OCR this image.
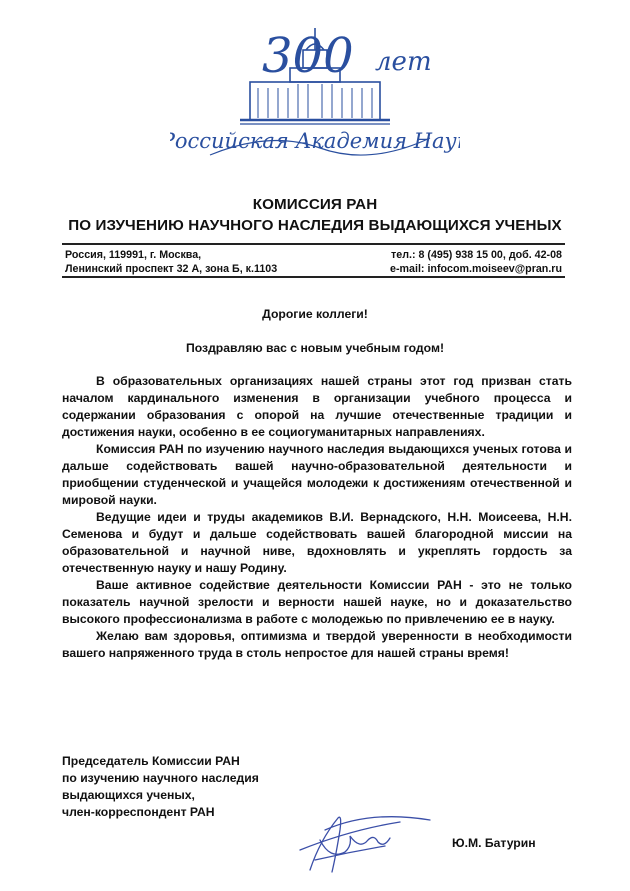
300 лет
Российская Академия Наук
КОМИССИЯ РАН
ПО ИЗУЧЕНИЮ НАУЧНОГО НАСЛЕДИЯ ВЫДАЮЩИХСЯ УЧЕНЫХ
Россия, 119991, г. Москва,
Ленинский проспект 32 А, зона Б, к.1103
тел.: 8 (495) 938 15 00, доб. 42-08
e-mail: infocom.moiseev@pran.ru
Дорогие коллеги!
Поздравляю вас с новым учебным годом!

В образовательных организациях нашей страны этот год призван стать началом кардинального изменения в организации учебного процесса и содержании образования с опорой на лучшие отечественные традиции и достижения науки, особенно в ее социогуманитарных направлениях.

Комиссия РАН по изучению научного наследия выдающихся ученых готова и дальше содействовать вашей научно-образовательной деятельности и приобщении студенческой и учащейся молодежи к достижениям отечественной и мировой науки.

Ведущие идеи и труды академиков В.И. Вернадского, Н.Н. Моисеева, Н.Н. Семенова и будут и дальше содействовать вашей благородной миссии на образовательной и научной ниве, вдохновлять и укреплять гордость за отечественную науку и нашу Родину.

Ваше активное содействие деятельности Комиссии РАН - это не только показатель научной зрелости и верности нашей науке, но и доказательство высокого профессионализма в работе с молодежью по привлечению ее в науку.

Желаю вам здоровья, оптимизма и твердой уверенности в необходимости вашего напряженного труда в столь непростое для нашей страны время!

Председатель Комиссии РАН
по изучению научного наследия
выдающихся ученых,
член-корреспондент РАН
Ю.М. Батурин
